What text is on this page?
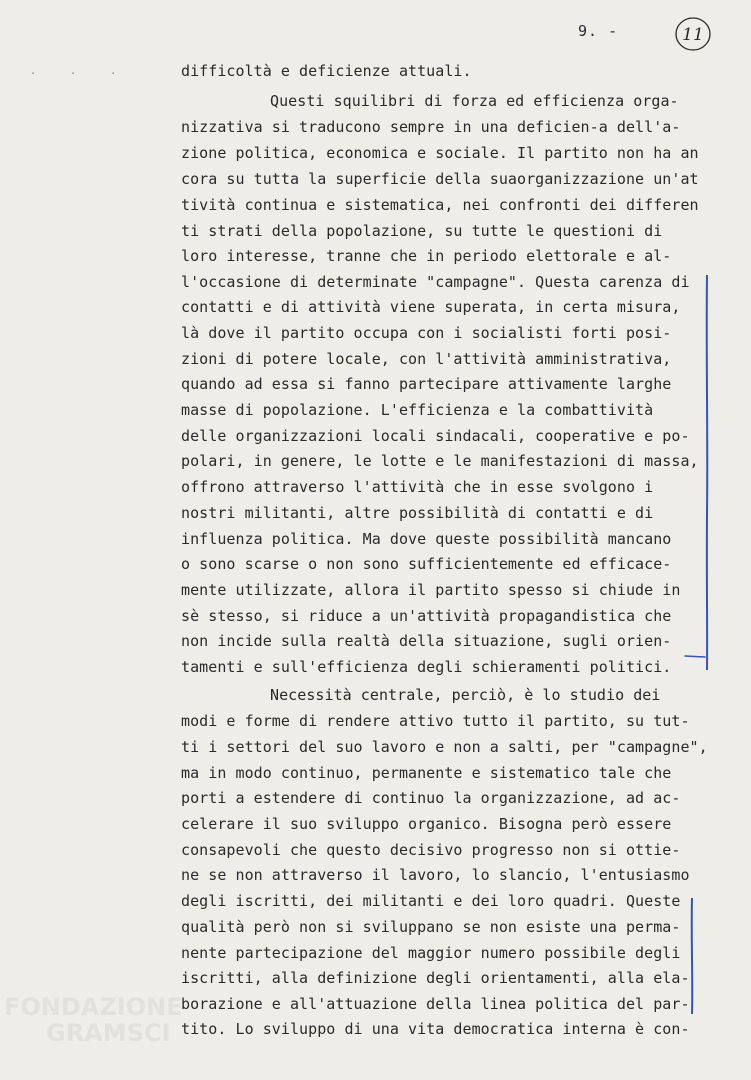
9. -	11
. . .	difficoltà e deficienze attuali.
Questi squilibri di forza ed efficienza orga-
nizzativa si traducono sempre in una deficien-a dell'a-
zione politica, economica e sociale. Il partito non ha an
cora su tutta la superficie della suaorganizzazione un'at
tività continua e sistematica, nei confronti dei differen
ti strati della popolazione, su tutte le questioni di
loro interesse, tranne che in periodo elettorale e al-
l'occasione di determinate "campagne". Questa carenza di
contatti e di attività viene superata, in certa misura,
là dove il partito occupa con i socialisti forti posi-
zioni di potere locale, con l'attività amministrativa,
quando ad essa si fanno partecipare attivamente larghe
masse di popolazione. L'efficienza e la combattività
delle organizzazioni locali sindacali, cooperative e po-
polari, in genere, le lotte e le manifestazioni di massa,
offrono attraverso l'attività che in esse svolgono i
nostri militanti, altre possibilità di contatti e di
influenza politica. Ma dove queste possibilità mancano
o sono scarse o non sono sufficientemente ed efficace-
mente utilizzate, allora il partito spesso si chiude in
sè stesso, si riduce a un'attività propagandistica che
non incide sulla realtà della situazione, sugli orien-
tamenti e sull'efficienza degli schieramenti politici.
Necessità centrale, perciò, è lo studio dei
modi e forme di rendere attivo tutto il partito, su tut-
ti i settori del suo lavoro e non a salti, per "campagne",
ma in modo continuo, permanente e sistematico tale che
porti a estendere di continuo la organizzazione, ad ac-
celerare il suo sviluppo organico. Bisogna però essere
consapevoli che questo decisivo progresso non si ottie-
ne se non attraverso il lavoro, lo slancio, l'entusiasmo
degli iscritti, dei militanti e dei loro quadri. Queste
qualità però non si sviluppano se non esiste una perma-
nente partecipazione del maggior numero possibile degli
iscritti, alla definizione degli orientamenti, alla ela-
borazione e all'attuazione della linea politica del par-
tito. Lo sviluppo di una vita democratica interna è con-
FONDAZIONE
GRAMSCI
